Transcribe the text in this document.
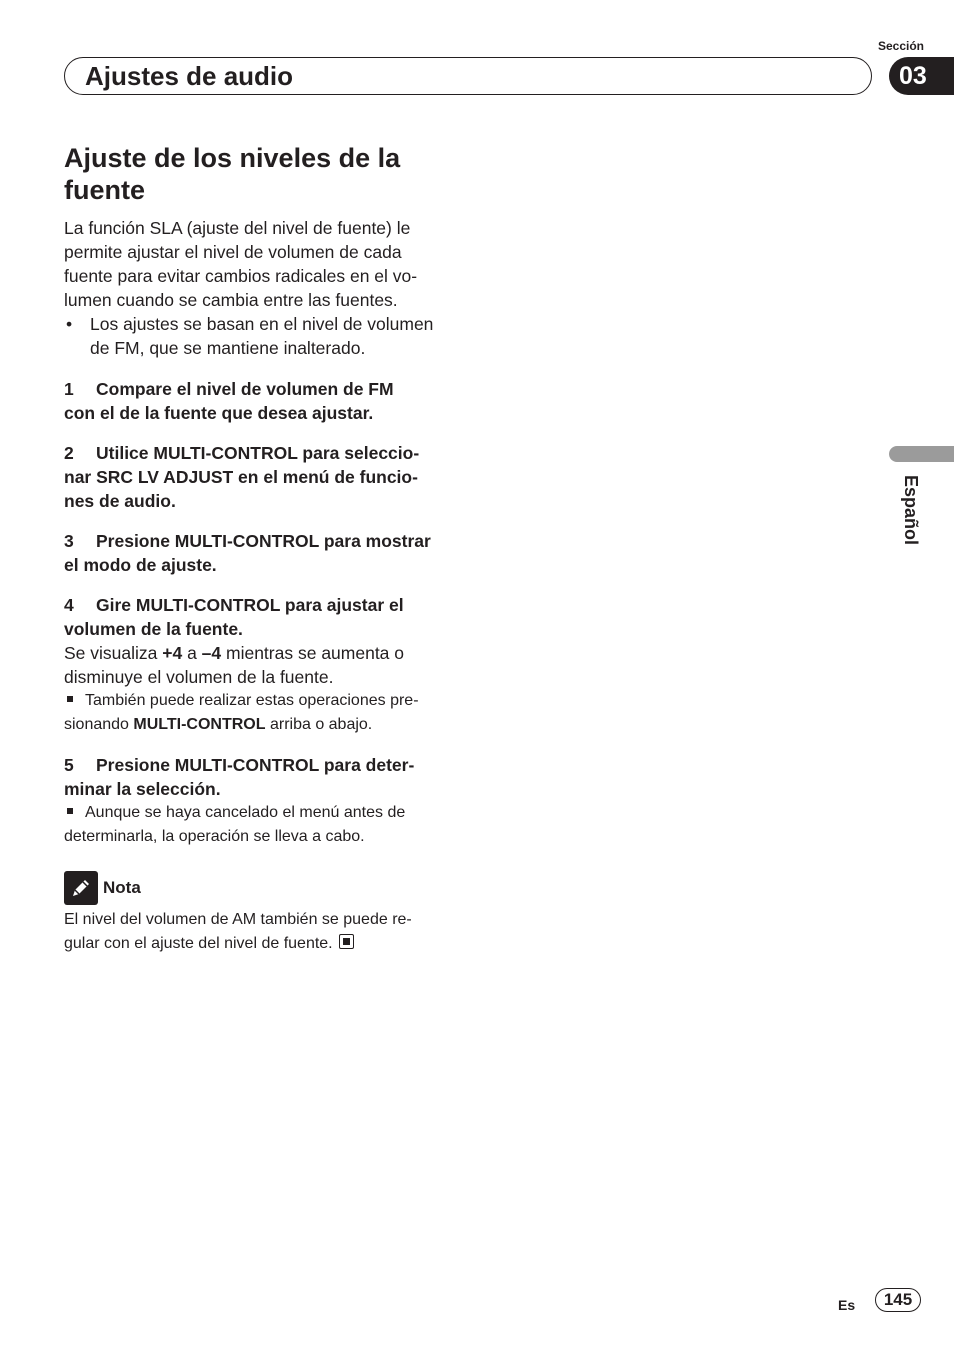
Ajustes de audio
Sección
03
Español
Ajuste de los niveles de la
fuente

La función SLA (ajuste del nivel de fuente) le
permite ajustar el nivel de volumen de cada
fuente para evitar cambios radicales en el vo-
lumen cuando se cambia entre las fuentes.

•	Los ajustes se basan en el nivel de volumen
de FM, que se mantiene inalterado.

1 Compare el nivel de volumen de FM
con el de la fuente que desea ajustar.

2 Utilice MULTI-CONTROL para seleccio-
nar SRC LV ADJUST en el menú de funcio-
nes de audio.

3 Presione MULTI-CONTROL para mostrar
el modo de ajuste.

4 Gire MULTI-CONTROL para ajustar el
volumen de la fuente.

Se visualiza +4 a –4 mientras se aumenta o
disminuye el volumen de la fuente.

También puede realizar estas operaciones pre-
sionando MULTI-CONTROL arriba o abajo.

5 Presione MULTI-CONTROL para deter-
minar la selección.

Aunque se haya cancelado el menú antes de
determinarla, la operación se lleva a cabo.

Nota

El nivel del volumen de AM también se puede re-
gular con el ajuste del nivel de fuente.

Es	145
